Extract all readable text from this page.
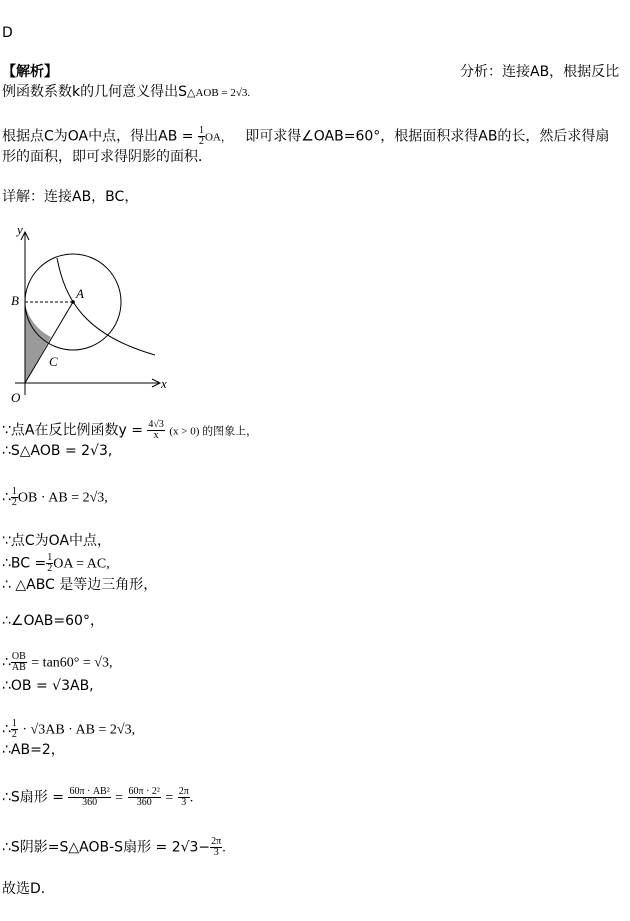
D
【解析】	分析：连接AB，根据反比
例函数系数k的几何意义得出S△AOB = 2√3.
根据点C为OA中点，得出AB = $\frac{1}{2}$ OA， 即可求得∠OAB=60°，根据面积求得AB的长，然后求得扇
形的面积，即可求得阴影的面积．
详解：连接AB，BC，
y
x
B	A
C
O
∵点A在反比例函数$y = \frac{4√3}{x} (x > 0)$ 的图象上，
∴S△AOB = 2√3,
∴ $\frac{1}{2}$ OB · AB = 2√3,
∵点C为OA中点，
∴BC = $\frac{1}{2}$ OA = AC,
∴ △ABC 是等边三角形，
∴∠OAB=60°，
∴ $\frac{OB}{AB} = \tan 60^\circ = √3$,
∴OB = √3AB,
∴ $\frac{1}{2} \cdot √3AB$ · AB = 2√3,
∴AB=2，
∴S扇形 = $\frac{\text{60π · AB²}}{360} = \frac{\text{60π · 2²}}{360} = \frac{2\pi}{3}$ .
∴S阴影=S△AOB-S扇形 = $2√3- \frac{2\pi}{3}$ .
故选D．
